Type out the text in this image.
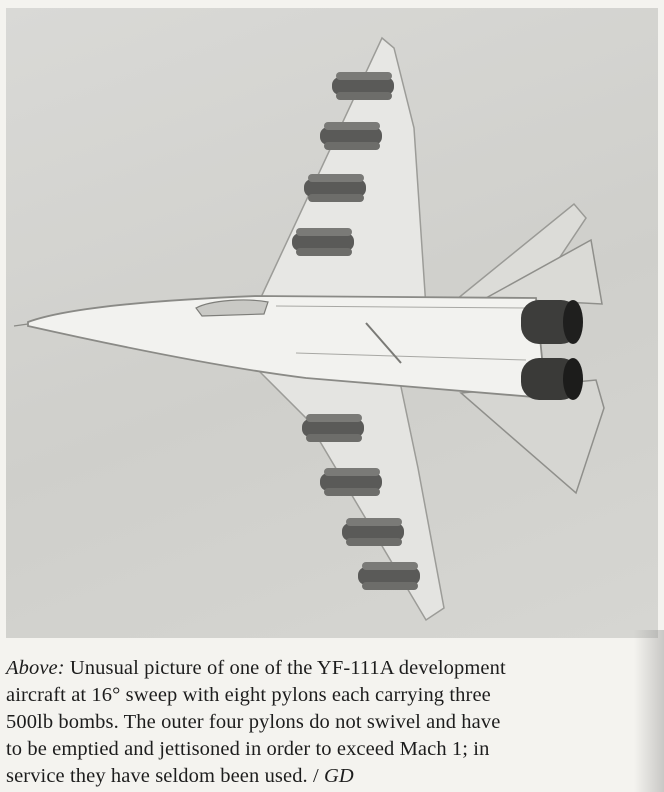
Above: Unusual picture of one of the YF-111A development
aircraft at 16° sweep with eight pylons each carrying three
500lb bombs. The outer four pylons do not swivel and have
to be emptied and jettisoned in order to exceed Mach 1; in
service they have seldom been used. / GD
